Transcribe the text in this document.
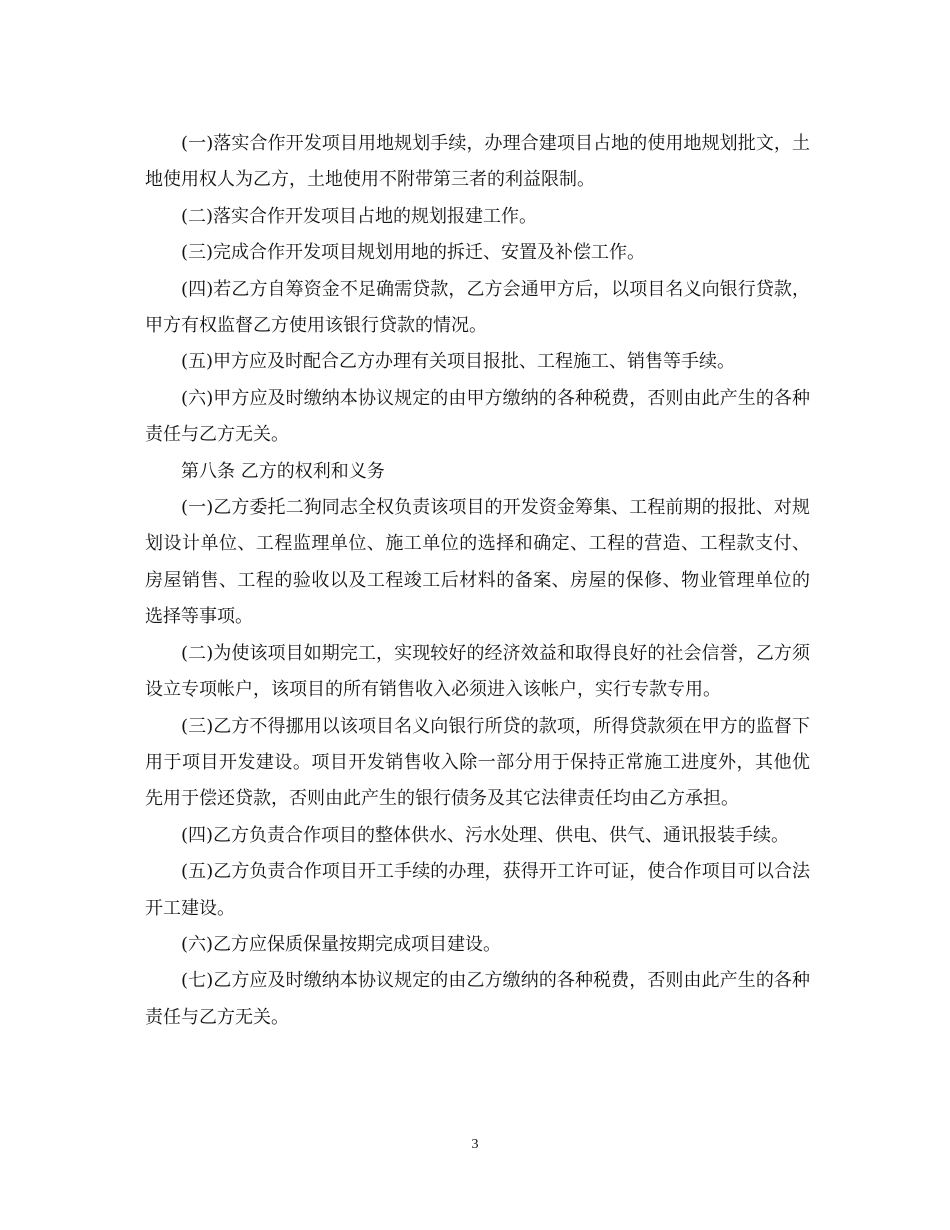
(一)落实合作开发项目用地规划手续，办理合建项目占地的使用地规划批文，土地使用权人为乙方，土地使用不附带第三者的利益限制。

(二)落实合作开发项目占地的规划报建工作。

(三)完成合作开发项目规划用地的拆迁、安置及补偿工作。

(四)若乙方自筹资金不足确需贷款，乙方会通甲方后，以项目名义向银行贷款，甲方有权监督乙方使用该银行贷款的情况。

(五)甲方应及时配合乙方办理有关项目报批、工程施工、销售等手续。

(六)甲方应及时缴纳本协议规定的由甲方缴纳的各种税费，否则由此产生的各种责任与乙方无关。

第八条 乙方的权利和义务

(一)乙方委托二狗同志全权负责该项目的开发资金筹集、工程前期的报批、对规划设计单位、工程监理单位、施工单位的选择和确定、工程的营造、工程款支付、房屋销售、工程的验收以及工程竣工后材料的备案、房屋的保修、物业管理单位的选择等事项。

(二)为使该项目如期完工，实现较好的经济效益和取得良好的社会信誉，乙方须设立专项帐户，该项目的所有销售收入必须进入该帐户，实行专款专用。

(三)乙方不得挪用以该项目名义向银行所贷的款项，所得贷款须在甲方的监督下用于项目开发建设。项目开发销售收入除一部分用于保持正常施工进度外，其他优先用于偿还贷款，否则由此产生的银行债务及其它法律责任均由乙方承担。

(四)乙方负责合作项目的整体供水、污水处理、供电、供气、通讯报装手续。

(五)乙方负责合作项目开工手续的办理，获得开工许可证，使合作项目可以合法开工建设。

(六)乙方应保质保量按期完成项目建设。

(七)乙方应及时缴纳本协议规定的由乙方缴纳的各种税费，否则由此产生的各种责任与乙方无关。

3
